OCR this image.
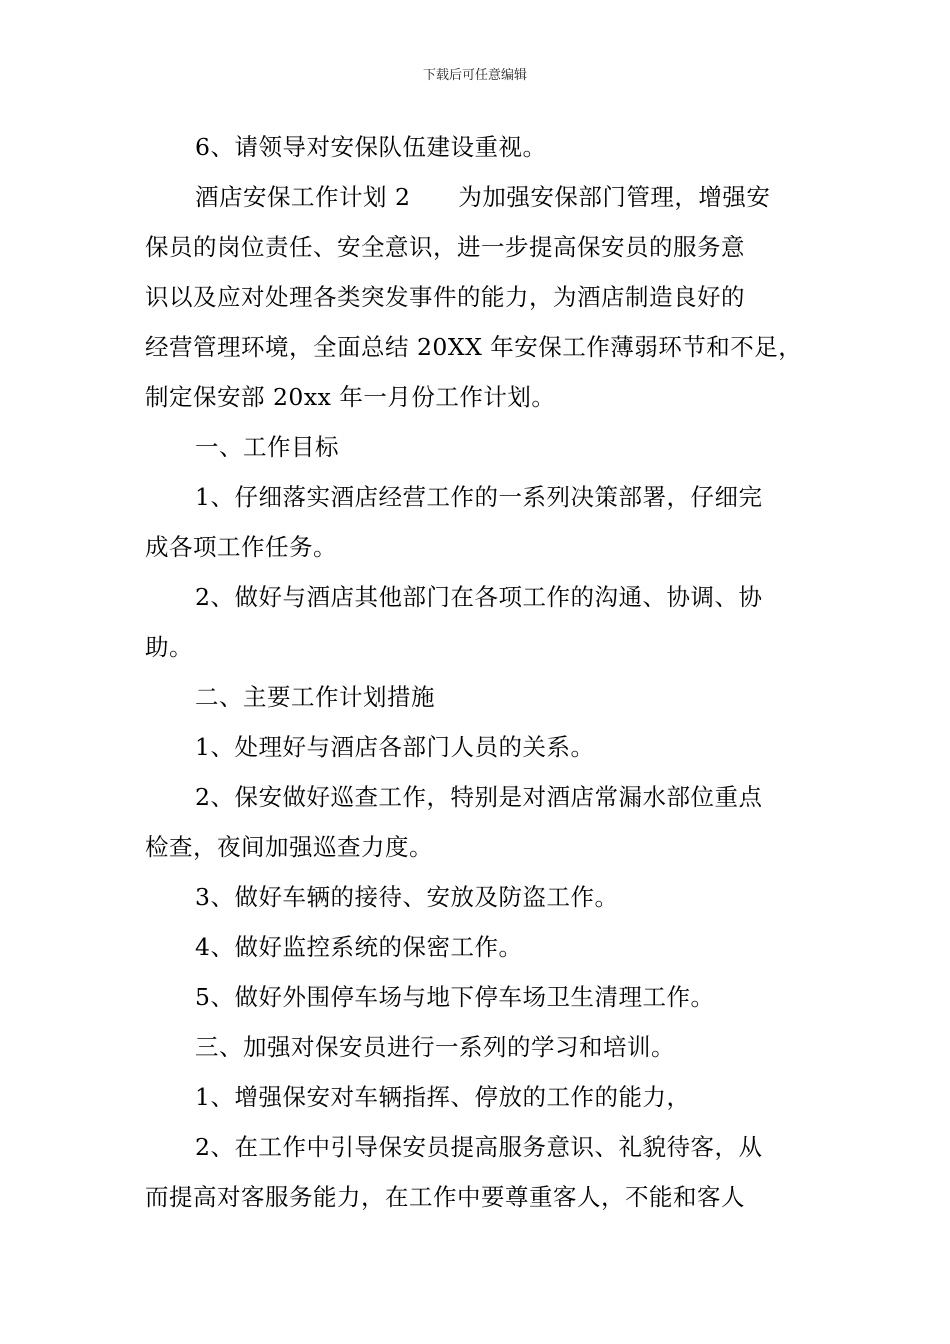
下载后可任意编辑
6、请领导对安保队伍建设重视。
酒店安保工作计划 2　　为加强安保部门管理，增强安
保员的岗位责任、安全意识，进一步提高保安员的服务意
识以及应对处理各类突发事件的能力，为酒店制造良好的
经营管理环境，全面总结 20XX 年安保工作薄弱环节和不足，
制定保安部 20xx 年一月份工作计划。
一、工作目标
1、仔细落实酒店经营工作的一系列决策部署，仔细完
成各项工作任务。
2、做好与酒店其他部门在各项工作的沟通、协调、协
助。
二、主要工作计划措施
1、处理好与酒店各部门人员的关系。
2、保安做好巡查工作，特别是对酒店常漏水部位重点
检查，夜间加强巡查力度。
3、做好车辆的接待、安放及防盗工作。
4、做好监控系统的保密工作。
5、做好外围停车场与地下停车场卫生清理工作。
三、加强对保安员进行一系列的学习和培训。
1、增强保安对车辆指挥、停放的工作的能力，
2、在工作中引导保安员提高服务意识、礼貌待客，从
而提高对客服务能力，在工作中要尊重客人，不能和客人
